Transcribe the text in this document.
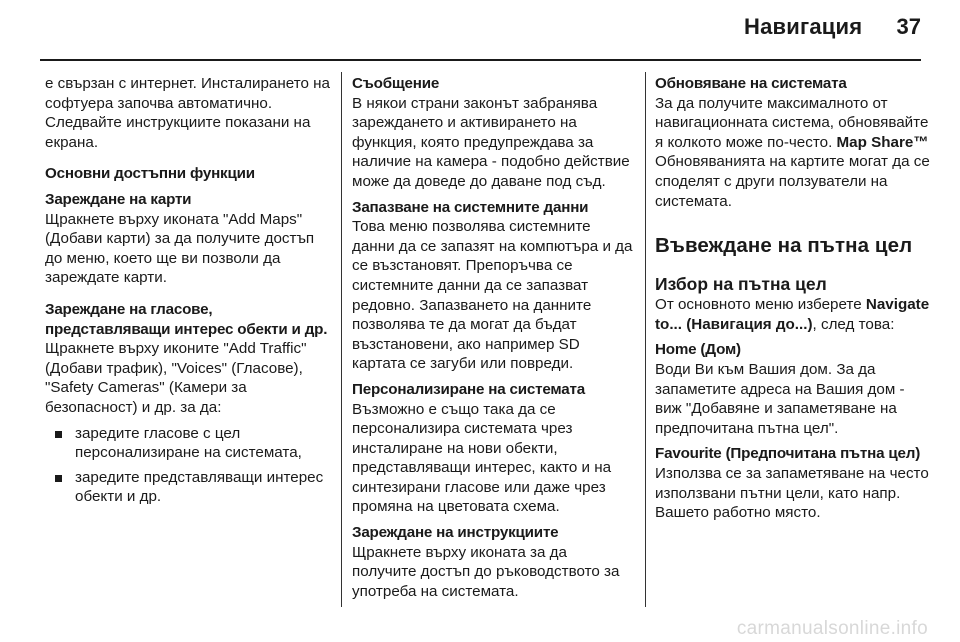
Навигация 37

е свързан с интернет. Инсталирането на софтуера започва автоматично. Следвайте инструкциите показани на екрана.

Основни достъпни функции

Зареждане на карти

Щракнете върху иконата "Add Maps" (Добави карти) за да получите достъп до меню, което ще ви позволи да зареждате карти.

Зареждане на гласове, представляващи интерес обекти и др.

Щракнете върху иконите "Add Traffic" (Добави трафик), "Voices" (Гласове), "Safety Cameras" (Камери за безопасност) и др. за да:

заредите гласове с цел персонализиране на системата,
заредите представляващи интерес обекти и др.

Съобщение

В някои страни законът забранява зареждането и активирането на функция, която предупреждава за наличие на камера - подобно действие може да доведе до даване под съд.

Запазване на системните данни

Това меню позволява системните данни да се запазят на компютъра и да се възстановят. Препоръчва се системните данни да се запазват редовно. Запазването на данните позволява те да могат да бъдат възстановени, ако например SD картата се загуби или повреди.

Персонализиране на системата

Възможно е също така да се персонализира системата чрез инсталиране на нови обекти, представляващи интерес, както и на синтезирани гласове или даже чрез промяна на цветовата схема.

Зареждане на инструкциите

Щракнете върху иконата за да получите достъп до ръководството за употреба на системата.

Обновяване на системата

За да получите максималното от навигационната система, обновявайте я колкото може по-често. Map Share™ Обновяванията на картите могат да се споделят с други ползуватели на системата.

Въвеждане на пътна цел

Избор на пътна цел

От основното меню изберете Navigate to... (Навигация до...), след това:

Home (Дом)

Води Ви към Вашия дом. За да запаметите адреса на Вашия дом - виж "Добавяне и запаметяване на предпочитана пътна цел".

Favourite (Предпочитана пътна цел)

Използва се за запаметяване на често използвани пътни цели, като напр. Вашето работно място.

carmanualsonline.info
